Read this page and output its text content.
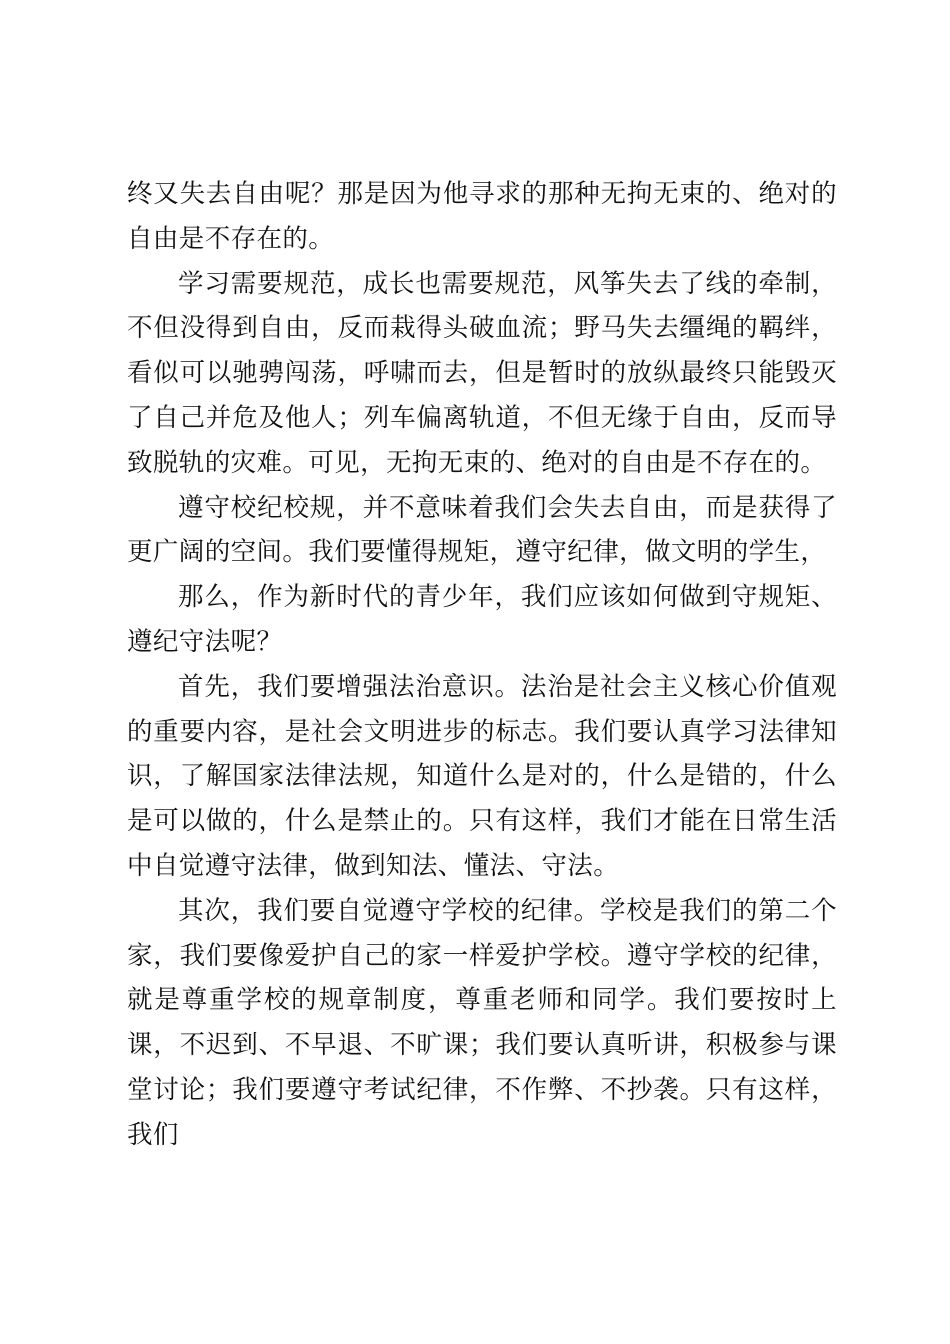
终又失去自由呢？那是因为他寻求的那种无拘无束的、绝对的自由是不存在的。

学习需要规范，成长也需要规范，风筝失去了线的牵制，不但没得到自由，反而栽得头破血流；野马失去缰绳的羁绊，看似可以驰骋闯荡，呼啸而去，但是暂时的放纵最终只能毁灭了自己并危及他人；列车偏离轨道，不但无缘于自由，反而导致脱轨的灾难。可见，无拘无束的、绝对的自由是不存在的。

遵守校纪校规，并不意味着我们会失去自由，而是获得了更广阔的空间。我们要懂得规矩，遵守纪律，做文明的学生，

那么，作为新时代的青少年，我们应该如何做到守规矩、遵纪守法呢？

首先，我们要增强法治意识。法治是社会主义核心价值观的重要内容，是社会文明进步的标志。我们要认真学习法律知识，了解国家法律法规，知道什么是对的，什么是错的，什么是可以做的，什么是禁止的。只有这样，我们才能在日常生活中自觉遵守法律，做到知法、懂法、守法。

其次，我们要自觉遵守学校的纪律。学校是我们的第二个家，我们要像爱护自己的家一样爱护学校。遵守学校的纪律，就是尊重学校的规章制度，尊重老师和同学。我们要按时上课，不迟到、不早退、不旷课；我们要认真听讲，积极参与课堂讨论；我们要遵守考试纪律，不作弊、不抄袭。只有这样，我们
